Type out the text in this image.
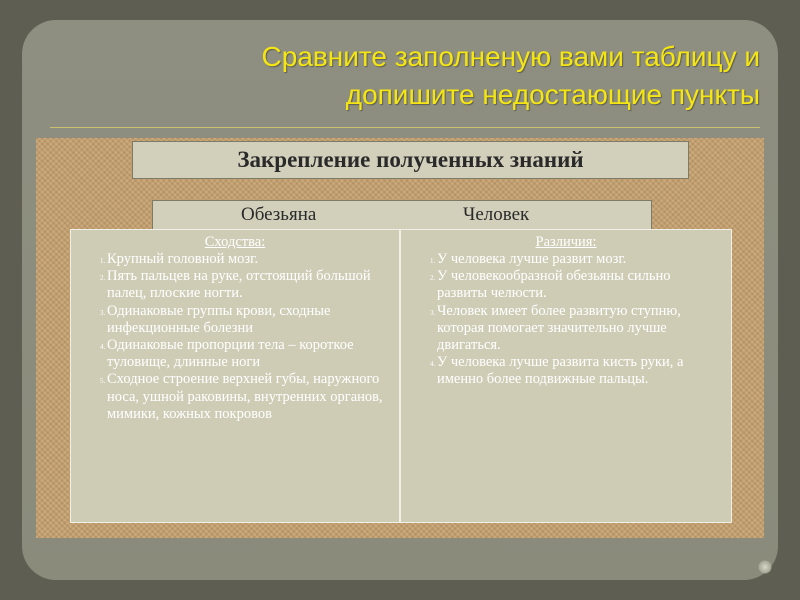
Сравните заполненую вами таблицу и
допишите недостающие пункты
Закрепление полученных знаний
Обезьяна	Человек
Сходства:
1. Крупный головной мозг.
2. Пять пальцев на руке, отстоящий большой палец, плоские ногти.
3. Одинаковые группы крови, сходные инфекционные болезни
4. Одинаковые пропорции тела – короткое туловище, длинные ноги
5. Сходное строение верхней губы, наружного носа, ушной раковины, внутренних органов, мимики, кожных покровов
Различия:
1. У человека лучше развит мозг.
2. У человекообразной обезьяны сильно развиты челюсти.
3. Человек имеет более развитую ступню, которая помогает значительно лучше двигаться.
4. У человека лучше развита кисть руки, а именно более подвижные пальцы.
